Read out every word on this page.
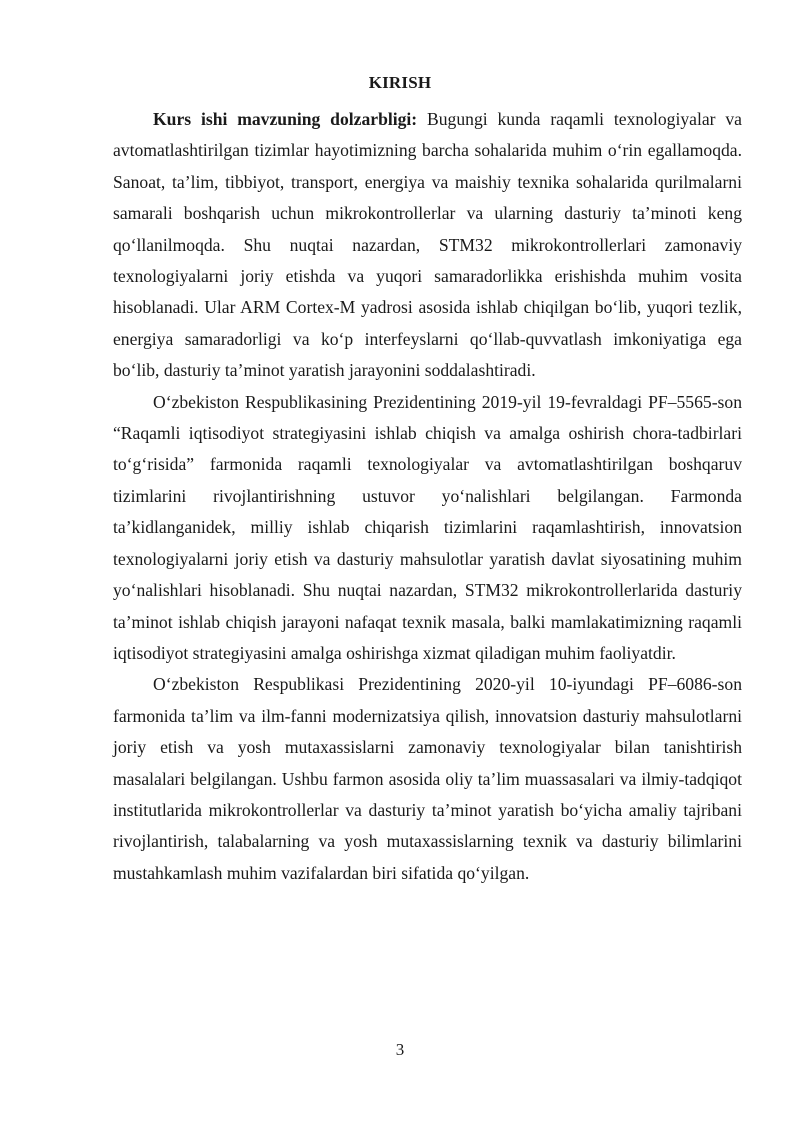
KIRISH

Kurs ishi mavzuning dolzarbligi: Bugungi kunda raqamli texnologiyalar va avtomatlashtirilgan tizimlar hayotimizning barcha sohalarida muhim o‘rin egallamoqda. Sanoat, ta’lim, tibbiyot, transport, energiya va maishiy texnika sohalarida qurilmalarni samarali boshqarish uchun mikrokontrollerlar va ularning dasturiy ta’minoti keng qo‘llanilmoqda. Shu nuqtai nazardan, STM32 mikrokontrollerlari zamonaviy texnologiyalarni joriy etishda va yuqori samaradorlikka erishishda muhim vosita hisoblanadi. Ular ARM Cortex-M yadrosi asosida ishlab chiqilgan bo‘lib, yuqori tezlik, energiya samaradorligi va ko‘p interfeyslarni qo‘llab-quvvatlash imkoniyatiga ega bo‘lib, dasturiy ta’minot yaratish jarayonini soddalashtiradi.

O‘zbekiston Respublikasining Prezidentining 2019-yil 19-fevraldagi PF–5565-son “Raqamli iqtisodiyot strategiyasini ishlab chiqish va amalga oshirish chora-tadbirlari to‘g‘risida” farmonida raqamli texnologiyalar va avtomatlashtirilgan boshqaruv tizimlarini rivojlantirishning ustuvor yo‘nalishlari belgilangan. Farmonda ta’kidlanganidek, milliy ishlab chiqarish tizimlarini raqamlashtirish, innovatsion texnologiyalarni joriy etish va dasturiy mahsulotlar yaratish davlat siyosatining muhim yo‘nalishlari hisoblanadi. Shu nuqtai nazardan, STM32 mikrokontrollerlarida dasturiy ta’minot ishlab chiqish jarayoni nafaqat texnik masala, balki mamlakatimizning raqamli iqtisodiyot strategiyasini amalga oshirishga xizmat qiladigan muhim faoliyatdir.

O‘zbekiston Respublikasi Prezidentining 2020-yil 10-iyundagi PF–6086-son farmonida ta’lim va ilm-fanni modernizatsiya qilish, innovatsion dasturiy mahsulotlarni joriy etish va yosh mutaxassislarni zamonaviy texnologiyalar bilan tanishtirish masalalari belgilangan. Ushbu farmon asosida oliy ta’lim muassasalari va ilmiy-tadqiqot institutlarida mikrokontrollerlar va dasturiy ta’minot yaratish bo‘yicha amaliy tajribani rivojlantirish, talabalarning va yosh mutaxassislarning texnik va dasturiy bilimlarini mustahkamlash muhim vazifalardan biri sifatida qo‘yilgan.

3
